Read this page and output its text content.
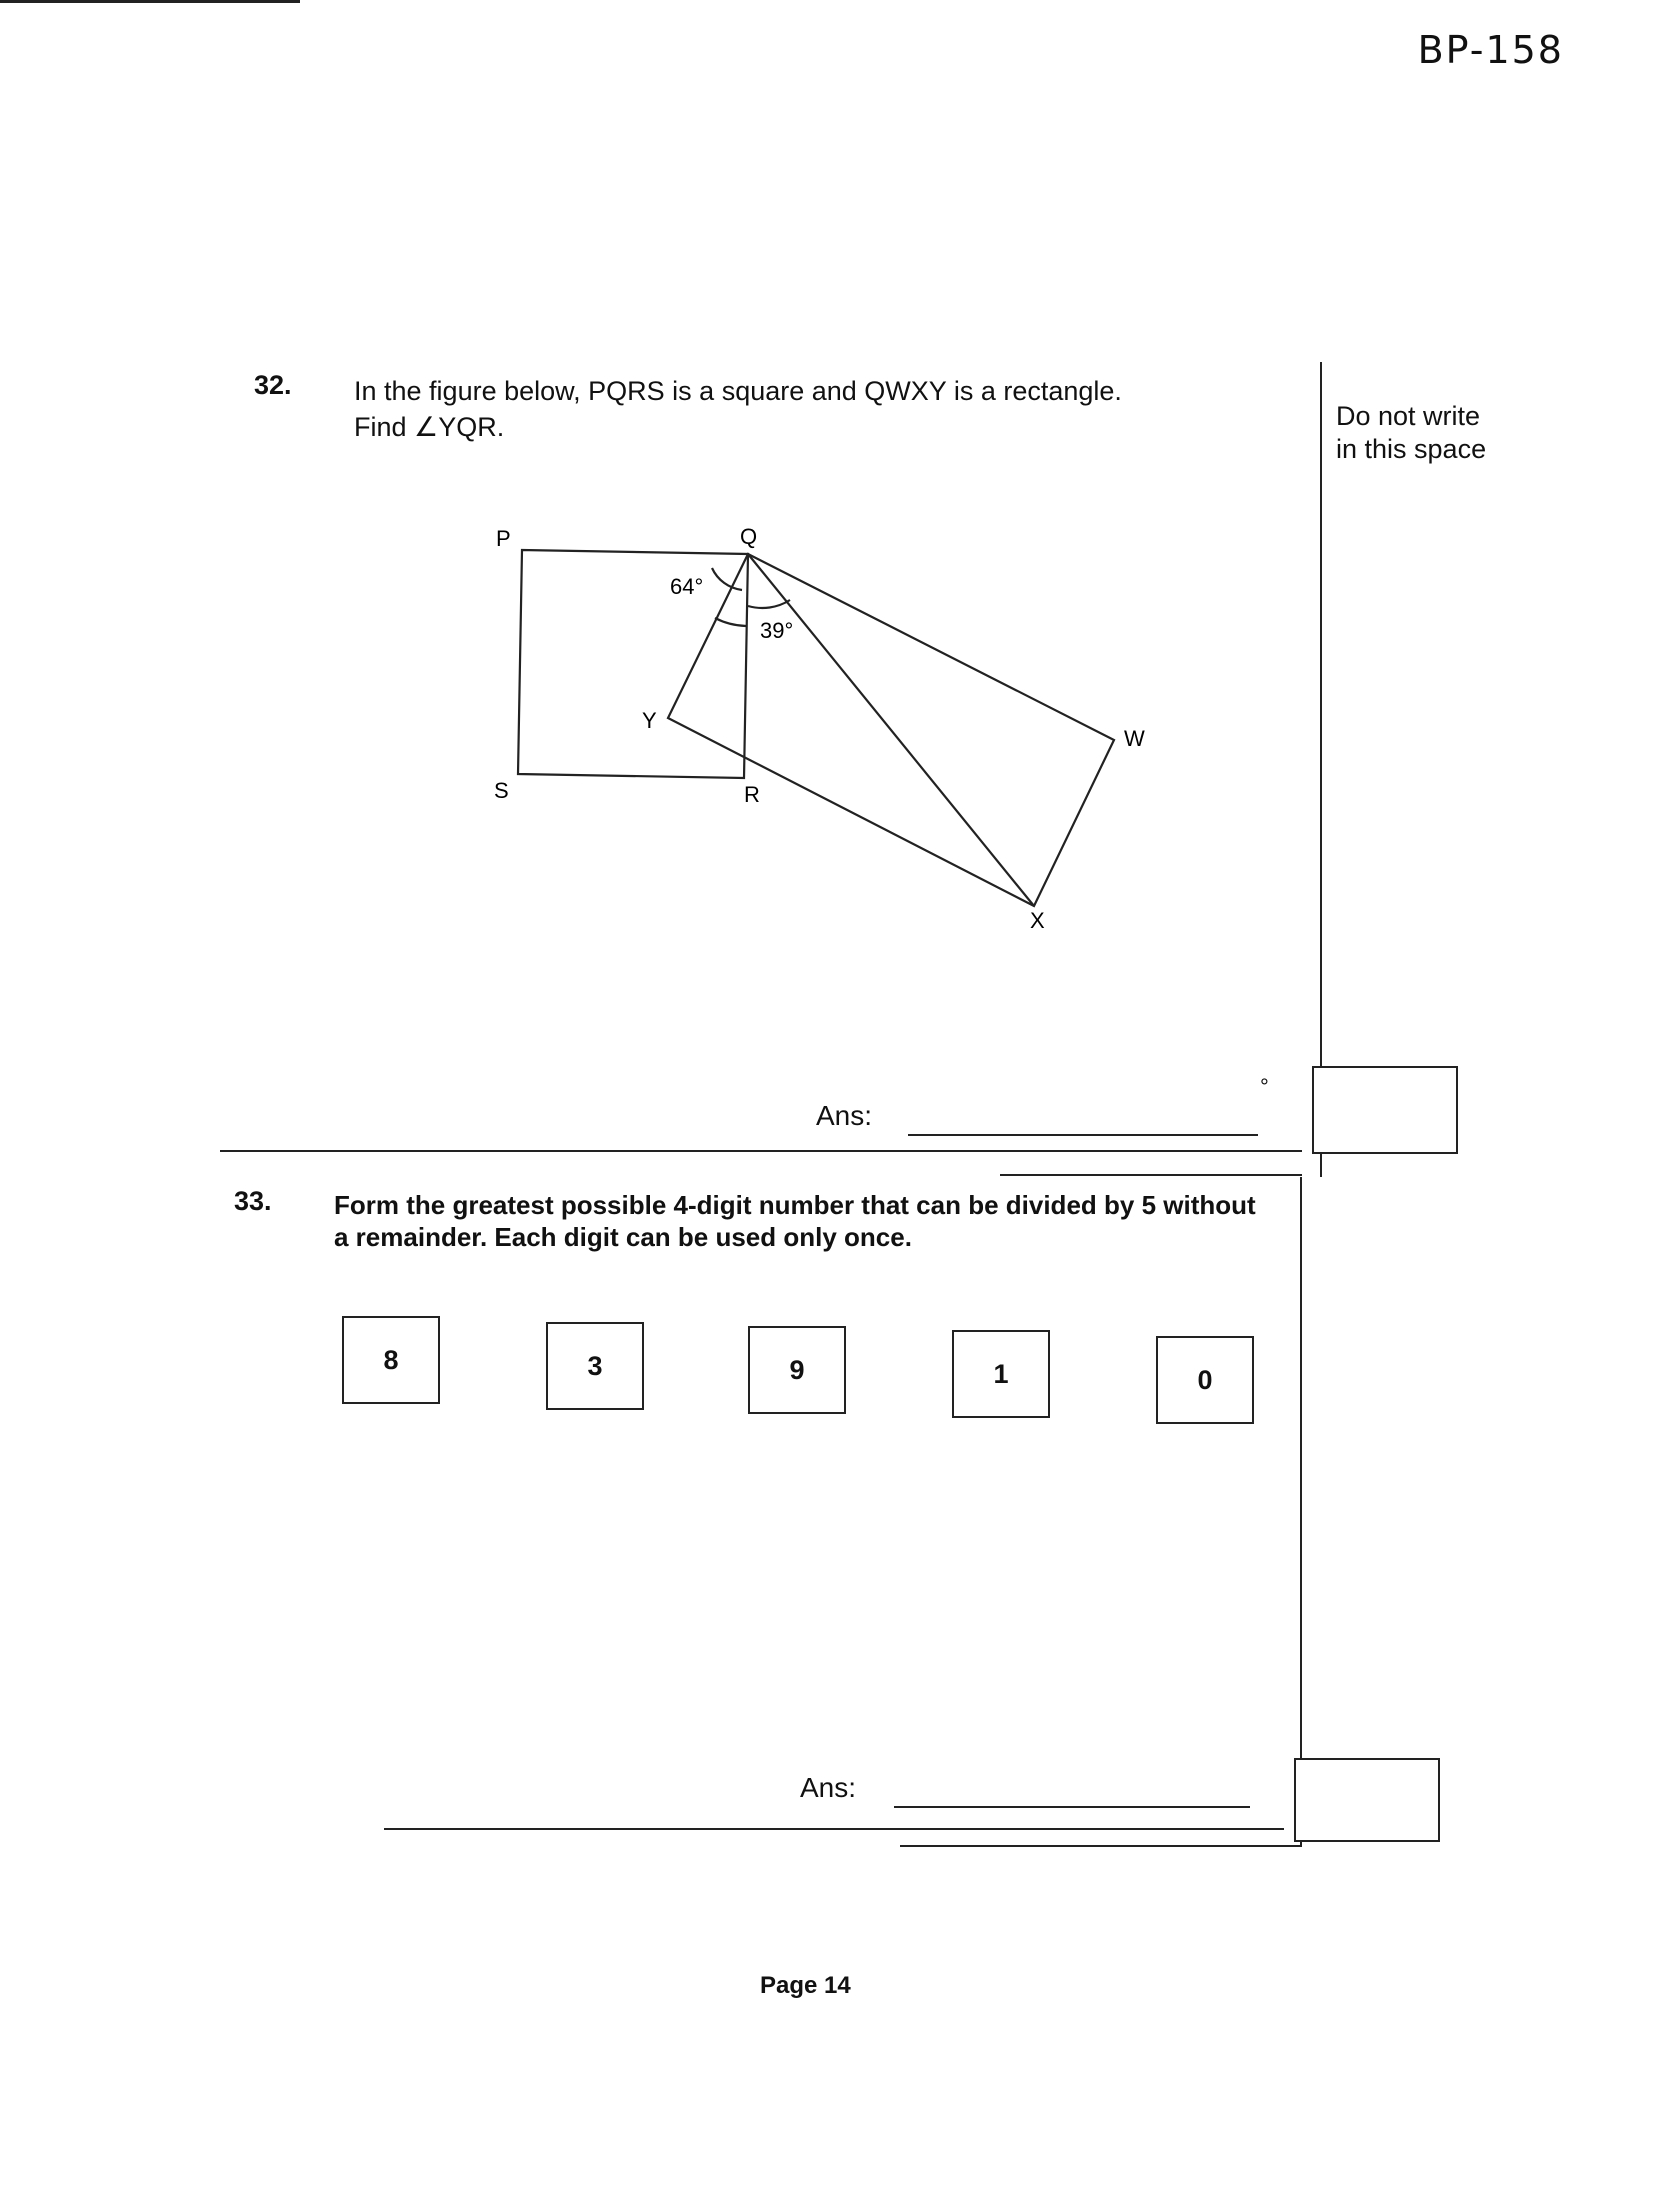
BP-158
Do not write in this space
32. In the figure below, PQRS is a square and QWXY is a rectangle.
Find ∠YQR.
P	Q
R
S
W
X
Y
64°
39°
Ans:
°
33. Form the greatest possible 4-digit number that can be divided by 5 without
a remainder. Each digit can be used only once.
8	3	9	1	0
Ans:
Page 14
